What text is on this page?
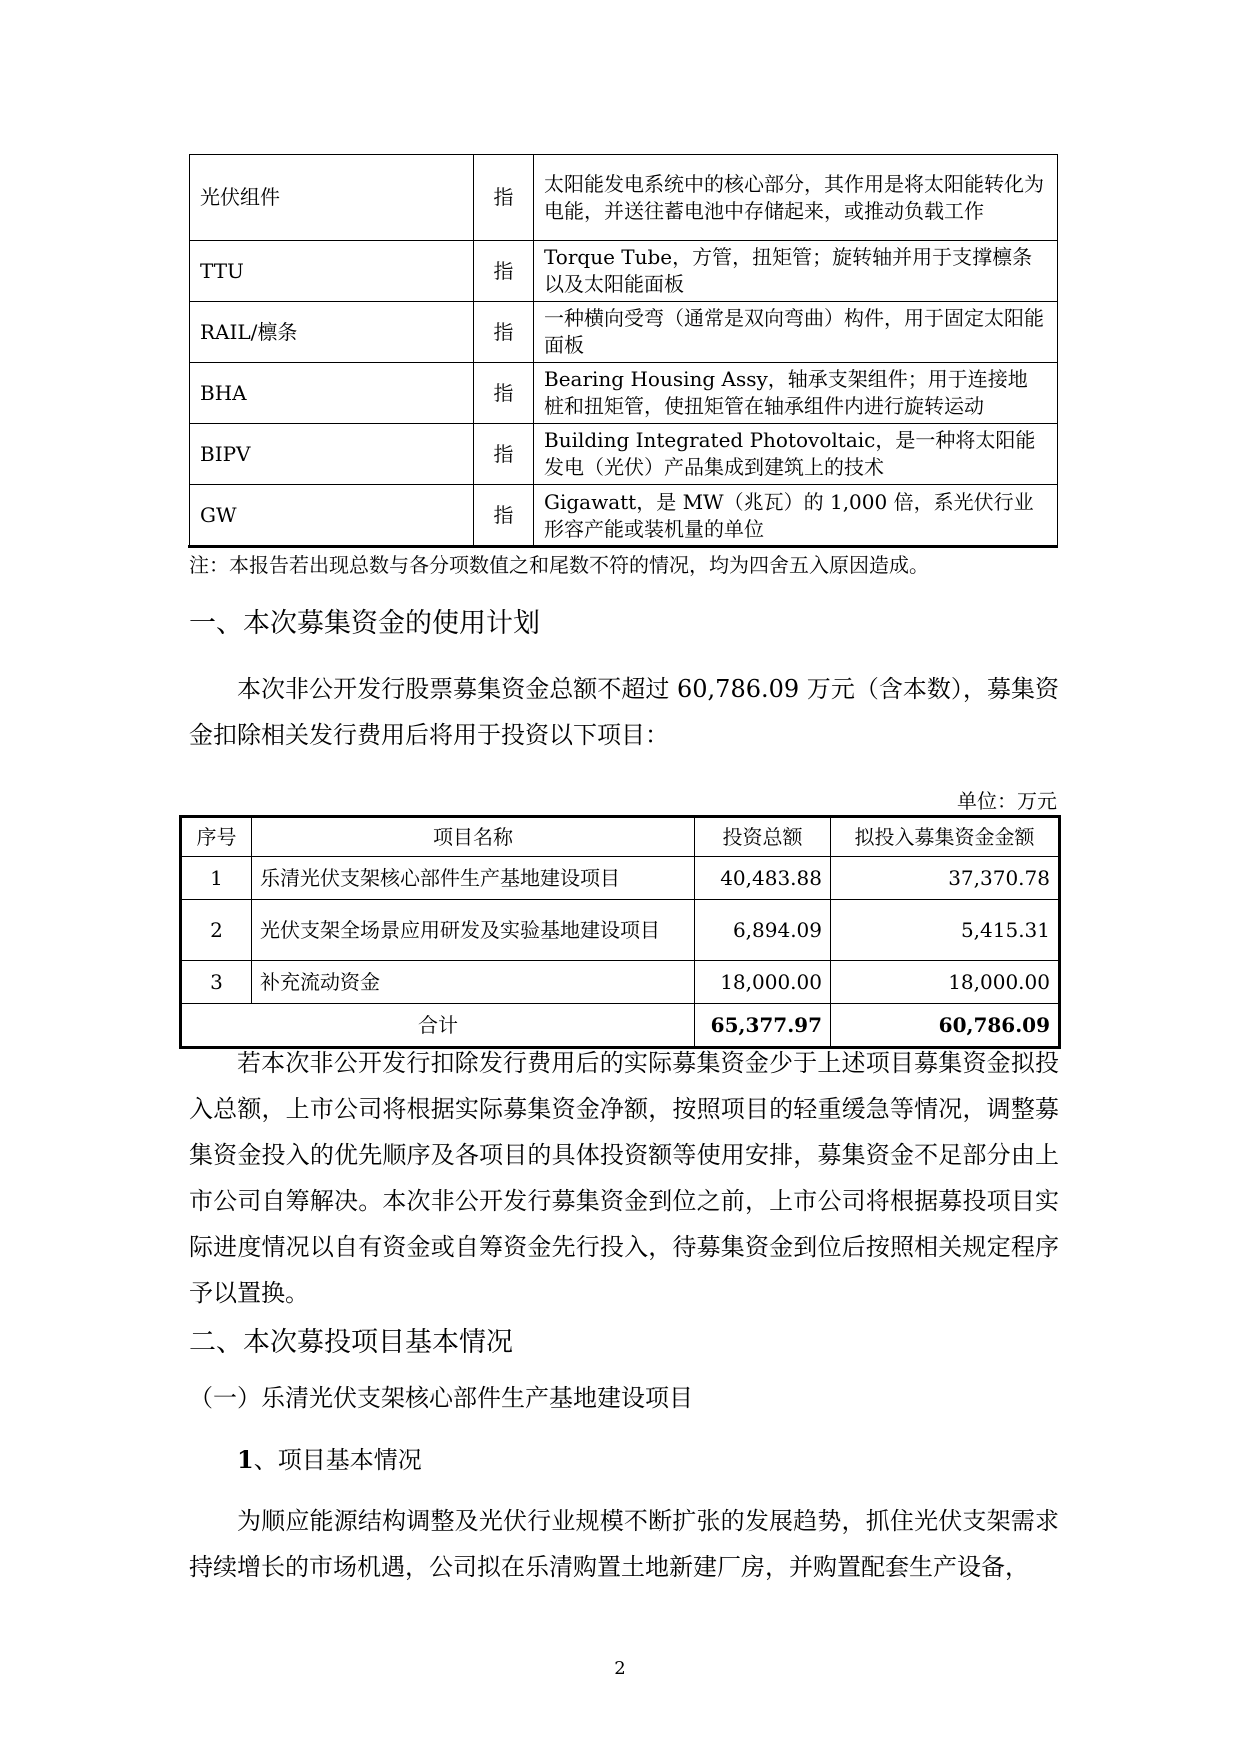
光伏组件	指	太阳能发电系统中的核心部分，其作用是将太阳能转化为电能，并送往蓄电池中存储起来，或推动负载工作
TTU	指	Torque Tube，方管，扭矩管；旋转轴并用于支撑檩条以及太阳能面板
RAIL/檩条	指	一种横向受弯（通常是双向弯曲）构件，用于固定太阳能面板
BHA	指	Bearing Housing Assy，轴承支架组件；用于连接地桩和扭矩管，使扭矩管在轴承组件内进行旋转运动
BIPV	指	Building Integrated Photovoltaic，是一种将太阳能发电（光伏）产品集成到建筑上的技术
GW	指	Gigawatt，是 MW（兆瓦）的 1,000 倍，系光伏行业形容产能或装机量的单位
注：本报告若出现总数与各分项数值之和尾数不符的情况，均为四舍五入原因造成。
一、本次募集资金的使用计划
本次非公开发行股票募集资金总额不超过 60,786.09 万元（含本数），募集资金扣除相关发行费用后将用于投资以下项目：
单位：万元
序号	项目名称	投资总额	拟投入募集资金金额
1	乐清光伏支架核心部件生产基地建设项目	40,483.88	37,370.78
2	光伏支架全场景应用研发及实验基地建设项目	6,894.09	5,415.31
3	补充流动资金	18,000.00	18,000.00
合计		65,377.97	60,786.09
若本次非公开发行扣除发行费用后的实际募集资金少于上述项目募集资金拟投入总额，上市公司将根据实际募集资金净额，按照项目的轻重缓急等情况，调整募集资金投入的优先顺序及各项目的具体投资额等使用安排，募集资金不足部分由上市公司自筹解决。本次非公开发行募集资金到位之前，上市公司将根据募投项目实际进度情况以自有资金或自筹资金先行投入，待募集资金到位后按照相关规定程序予以置换。
二、本次募投项目基本情况
（一）乐清光伏支架核心部件生产基地建设项目
1、项目基本情况
为顺应能源结构调整及光伏行业规模不断扩张的发展趋势，抓住光伏支架需求持续增长的市场机遇，公司拟在乐清购置土地新建厂房，并购置配套生产设备，
2
